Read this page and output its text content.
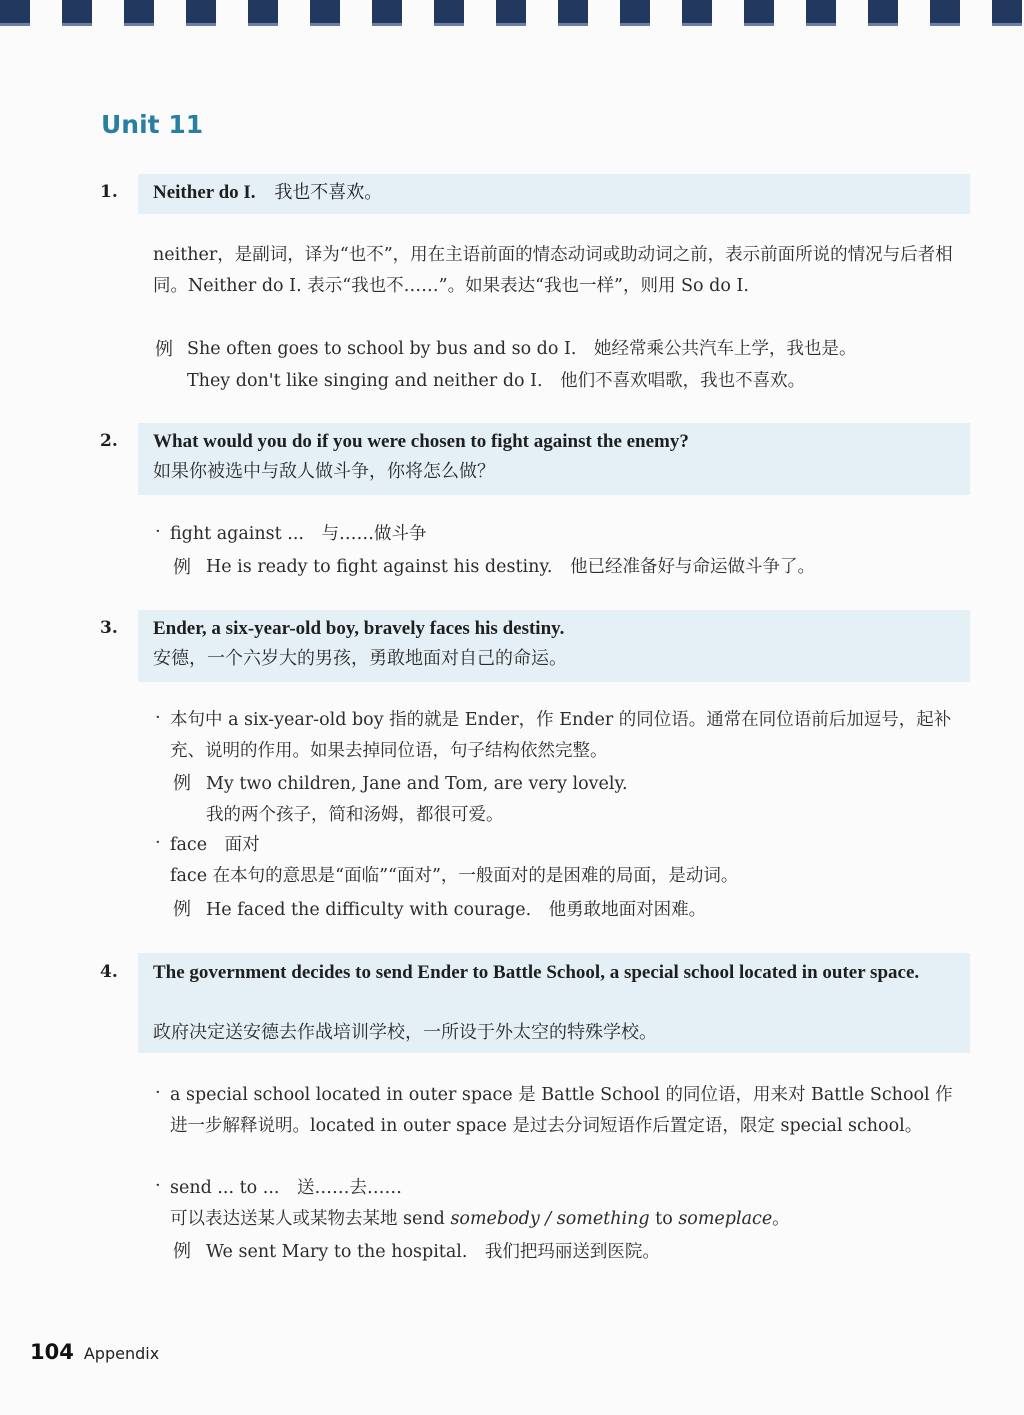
Unit 11
1. Neither do I. 我也不喜欢。
neither，是副词，译为“也不”，用在主语前面的情态动词或助动词之前，表示前面所说的情况与后者相同。Neither do I. 表示“我也不……”。如果表达“我也一样”，则用 So do I.
例 She often goes to school by bus and so do I.　她经常乘公共汽车上学，我也是。
They don't like singing and neither do I.　他们不喜欢唱歌，我也不喜欢。
2. What would you do if you were chosen to fight against the enemy?
如果你被选中与敌人做斗争，你将怎么做？
· fight against ...　与……做斗争
例 He is ready to fight against his destiny.　他已经准备好与命运做斗争了。
3. Ender, a six-year-old boy, bravely faces his destiny.
安德，一个六岁大的男孩，勇敢地面对自己的命运。
· 本句中 a six-year-old boy 指的就是 Ender，作 Ender 的同位语。通常在同位语前后加逗号，起补充、说明的作用。如果去掉同位语，句子结构依然完整。
例 My two children, Jane and Tom, are very lovely.
我的两个孩子，简和汤姆，都很可爱。
· face　面对
face 在本句的意思是“面临”“面对”，一般面对的是困难的局面，是动词。
例 He faced the difficulty with courage.　他勇敢地面对困难。
4. The government decides to send Ender to Battle School, a special school located in outer space.
政府决定送安德去作战培训学校，一所设于外太空的特殊学校。
· a special school located in outer space 是 Battle School 的同位语，用来对 Battle School 作进一步解释说明。located in outer space 是过去分词短语作后置定语，限定 special school。
· send ... to ...　送……去……
可以表达送某人或某物去某地 send somebody / something to someplace。
例 We sent Mary to the hospital.　我们把玛丽送到医院。
104 Appendix
